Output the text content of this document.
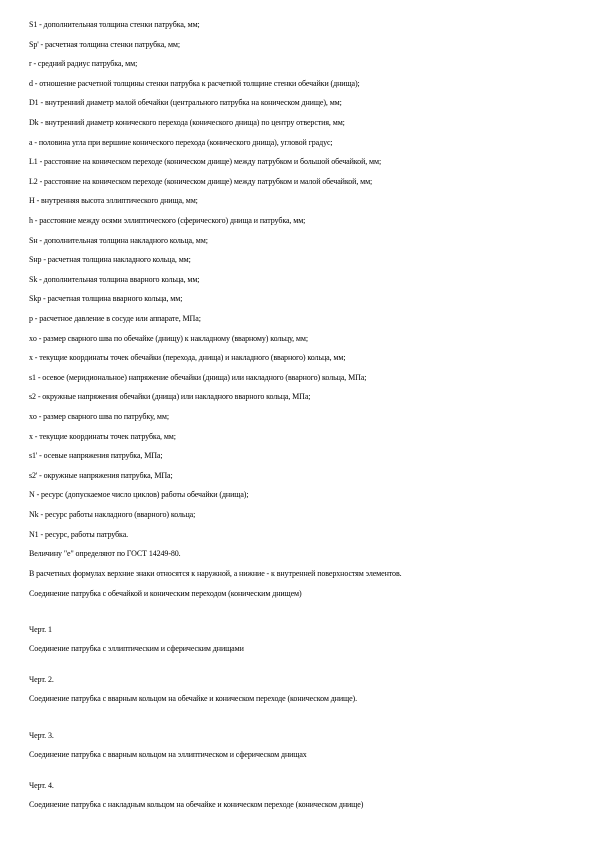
S1 - дополнительная толщина стенки патрубка, мм;
Sp' - расчетная толщина стенки патрубка, мм;
r - средний радиус патрубка, мм;
d - отношение расчетной толщины стенки патрубка к расчетной толщине стенки обечайки (днища);
D1 - внутренний диаметр малой обечайки (центрального патрубка на коническом днище), мм;
Dk - внутренний диаметр конического перехода (конического днища) по центру отверстия, мм;
a - половина угла при вершине конического перехода (конического днища), угловой градус;
L1 - расстояние на коническом переходе (коническом днище) между патрубком и большой обечайкой, мм;
L2 - расстояние на коническом переходе (коническом днище) между патрубком и малой обечайкой, мм;
H - внутренняя высота эллиптического днища, мм;
h - расстояние между осями эллиптического (сферического) днища и патрубка, мм;
Sн - дополнительная толщина накладного кольца, мм;
Sнр - расчетная толщина накладного кольца, мм;
Sk - дополнительная толщина вварного кольца, мм;
Skp - расчетная толщина вварного кольца, мм;
p - расчетное давление в сосуде или аппарате, МПа;
xo - размер сварного шва по обечайке (днищу) к накладному (вварному) кольцу, мм;
x - текущие координаты точек обечайки (перехода, днища) и накладного (вварного) кольца, мм;
s1 - осевое (меридиональное) напряжение обечайки (днища) или накладного (вварного) кольца, МПа;
s2 - окружные напряжения обечайки (днища) или накладного вварного кольца, МПа;
xo - размер сварного шва по патрубку, мм;
x - текущие координаты точек патрубка, мм;
s1' - осевые напряжения патрубка, МПа;
s2' - окружные напряжения патрубка, МПа;
N - ресурс (допускаемое число циклов) работы обечайки (днища);
Nk - ресурс работы накладного (вварного) кольца;
N1 - ресурс, работы патрубка.
Величину "e" определяют по ГОСТ 14249-80.
В расчетных формулах верхние знаки относятся к наружной, а нижние - к внутренней поверхностям элементов.
Соединение патрубка с обечайкой и коническим переходом (коническим днищем)
Черт. 1
Соединение патрубка с эллиптическим и сферическим днищами
Черт. 2.
Соединение патрубка с вварным кольцом на обечайке и коническом переходе (коническом днище).
Черт. 3.
Соединение патрубка с вварным кольцом на эллиптическом и сферическом днищах
Черт. 4.
Соединение патрубка с накладным кольцом на обечайке и коническом переходе (коническом днище)
